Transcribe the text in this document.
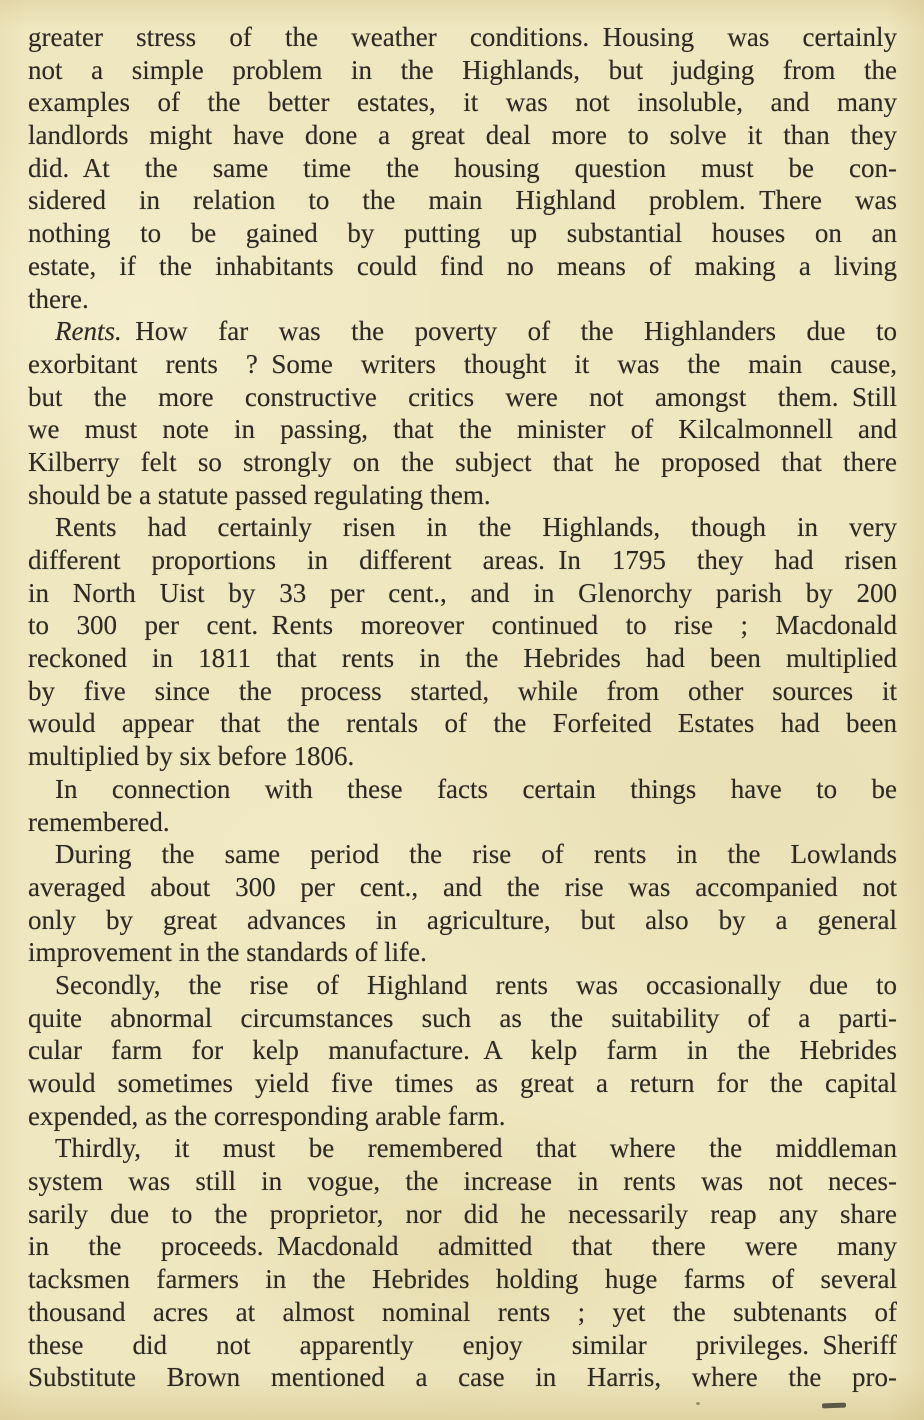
greater stress of the weather conditions. Housing was certainly
not a simple problem in the Highlands, but judging from the
examples of the better estates, it was not insoluble, and many
landlords might have done a great deal more to solve it than they
did. At the same time the housing question must be con-
sidered in relation to the main Highland problem. There was
nothing to be gained by putting up substantial houses on an
estate, if the inhabitants could find no means of making a living
there.
Rents. How far was the poverty of the Highlanders due to
exorbitant rents ? Some writers thought it was the main cause,
but the more constructive critics were not amongst them. Still
we must note in passing, that the minister of Kilcalmonnell and
Kilberry felt so strongly on the subject that he proposed that there
should be a statute passed regulating them.
Rents had certainly risen in the Highlands, though in very
different proportions in different areas. In 1795 they had risen
in North Uist by 33 per cent., and in Glenorchy parish by 200
to 300 per cent. Rents moreover continued to rise ; Macdonald
reckoned in 1811 that rents in the Hebrides had been multiplied
by five since the process started, while from other sources it
would appear that the rentals of the Forfeited Estates had been
multiplied by six before 1806.
In connection with these facts certain things have to be
remembered.
During the same period the rise of rents in the Lowlands
averaged about 300 per cent., and the rise was accompanied not
only by great advances in agriculture, but also by a general
improvement in the standards of life.
Secondly, the rise of Highland rents was occasionally due to
quite abnormal circumstances such as the suitability of a parti-
cular farm for kelp manufacture. A kelp farm in the Hebrides
would sometimes yield five times as great a return for the capital
expended, as the corresponding arable farm.
Thirdly, it must be remembered that where the middleman
system was still in vogue, the increase in rents was not neces-
sarily due to the proprietor, nor did he necessarily reap any share
in the proceeds. Macdonald admitted that there were many
tacksmen farmers in the Hebrides holding huge farms of several
thousand acres at almost nominal rents ; yet the subtenants of
these did not apparently enjoy similar privileges. Sheriff
Substitute Brown mentioned a case in Harris, where the pro-
